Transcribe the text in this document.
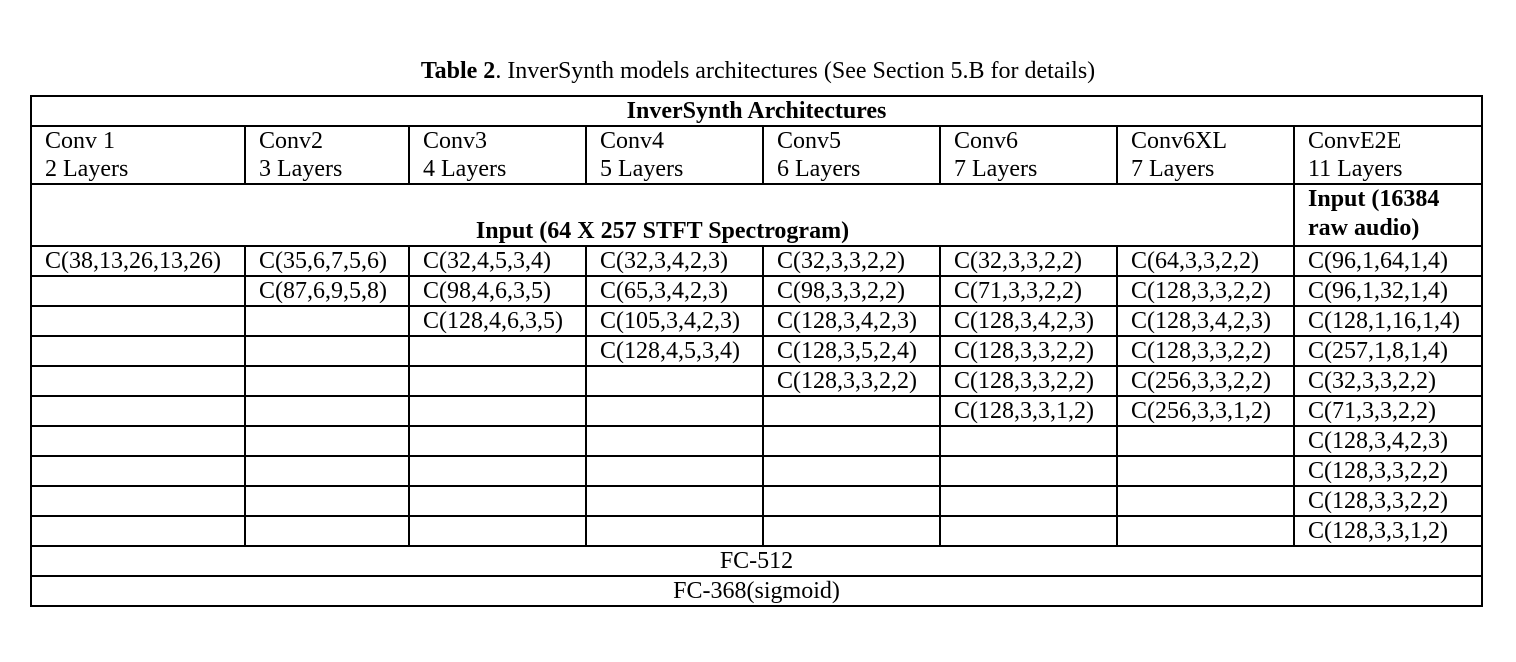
Table 2. InverSynth models architectures (See Section 5.B for details)
InverSynth Architectures							
Conv 1	Conv2	Conv3	Conv4	Conv5	Conv6	Conv6XL	ConvE2E
2 Layers	3 Layers	4 Layers	5 Layers	6 Layers	7 Layers	7 Layers	11 Layers
Input (64 X 257 STFT Spectrogram)							Input (16384
raw audio)
C(38,13,26,13,26)	C(35,6,7,5,6)	C(32,4,5,3,4)	C(32,3,4,2,3)	C(32,3,3,2,2)	C(32,3,3,2,2)	C(64,3,3,2,2)	C(96,1,64,1,4)
	C(87,6,9,5,8)	C(98,4,6,3,5)	C(65,3,4,2,3)	C(98,3,3,2,2)	C(71,3,3,2,2)	C(128,3,3,2,2)	C(96,1,32,1,4)
		C(128,4,6,3,5)	C(105,3,4,2,3)	C(128,3,4,2,3)	C(128,3,4,2,3)	C(128,3,4,2,3)	C(128,1,16,1,4)
			C(128,4,5,3,4)	C(128,3,5,2,4)	C(128,3,3,2,2)	C(128,3,3,2,2)	C(257,1,8,1,4)
				C(128,3,3,2,2)	C(128,3,3,2,2)	C(256,3,3,2,2)	C(32,3,3,2,2)
					C(128,3,3,1,2)	C(256,3,3,1,2)	C(71,3,3,2,2)
							C(128,3,4,2,3)
							C(128,3,3,2,2)
							C(128,3,3,2,2)
							C(128,3,3,1,2)
FC-512							
FC-368(sigmoid)							
